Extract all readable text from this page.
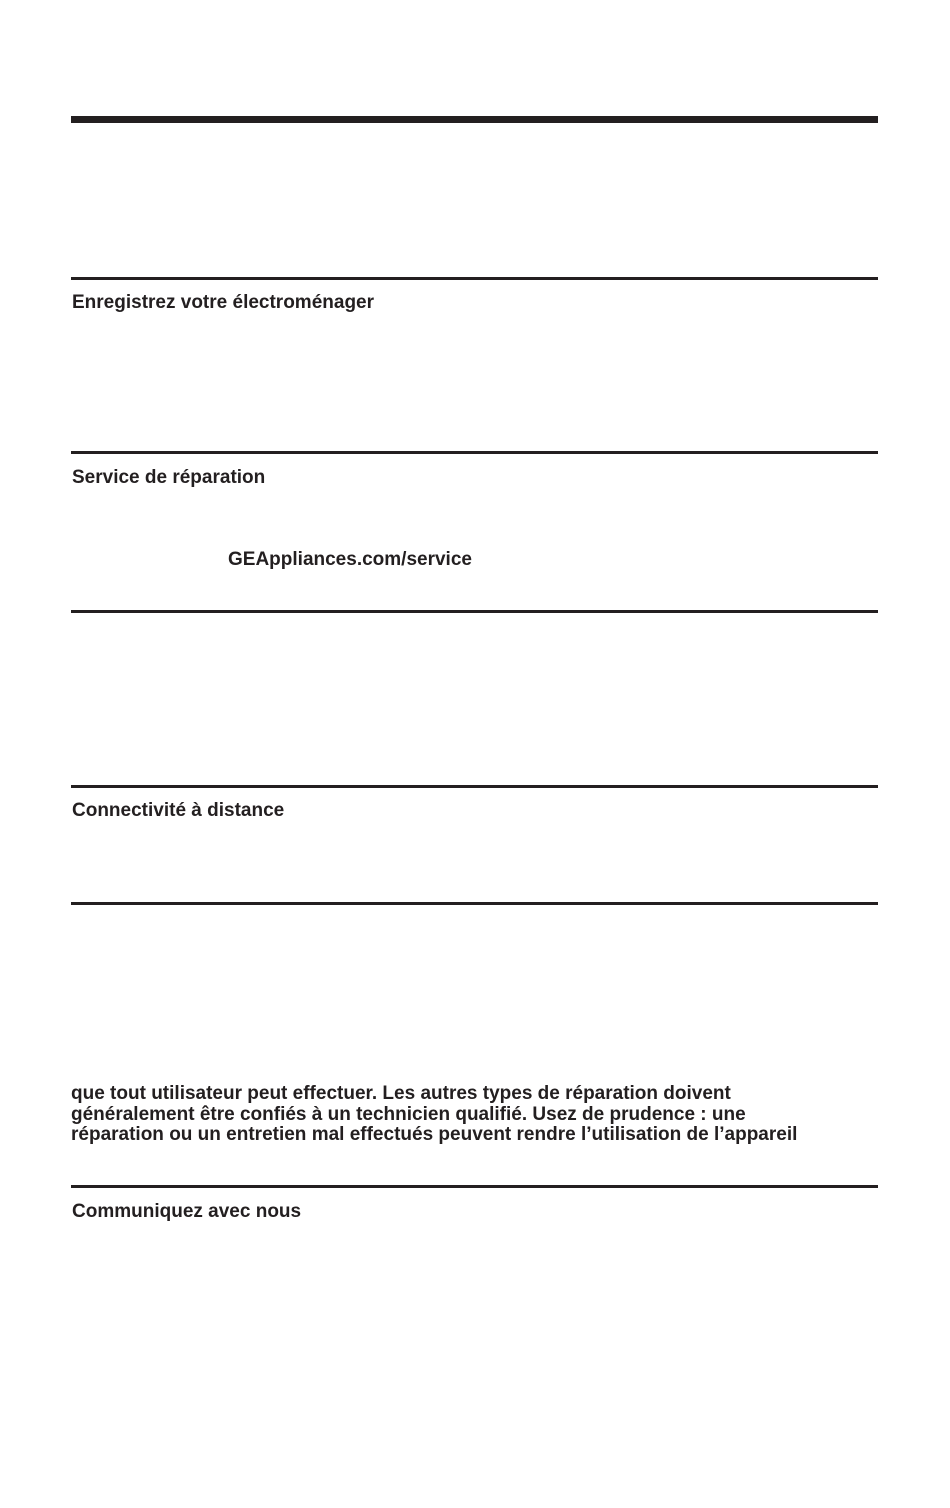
Enregistrez votre électroménager
Service de réparation
GEAppliances.com/service
Connectivité à distance
que tout utilisateur peut effectuer. Les autres types de réparation doivent
généralement être confiés à un technicien qualifié. Usez de prudence : une
réparation ou un entretien mal effectués peuvent rendre l’utilisation de l’appareil
Communiquez avec nous
